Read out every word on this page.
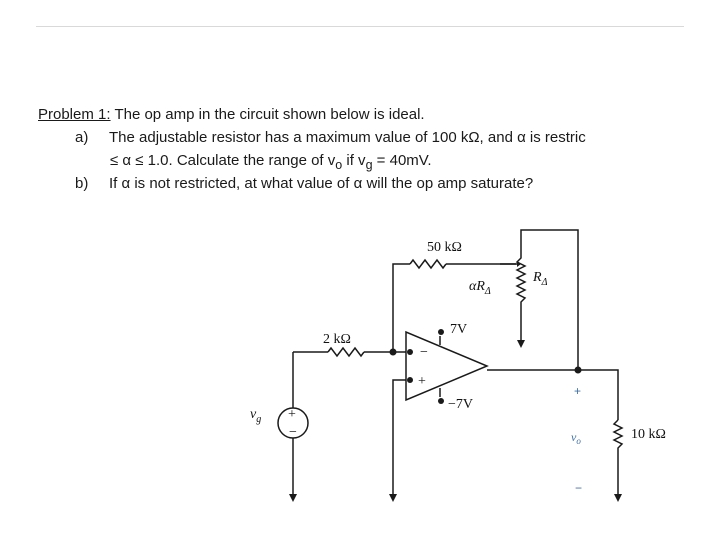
Problem 1: The op amp in the circuit shown below is ideal.
a) The adjustable resistor has a maximum value of 100 kΩ, and α is restric
≤ α ≤ 1.0. Calculate the range of $v_o$ if $v_g = 40mV$.
b) If α is not restricted, at what value of α will the op amp saturate?
50 kΩ
2 kΩ
10 kΩ
$\alpha R_\Delta$
$R_\Delta$
7V
−7V
−
+
+
−
$v_g$
+
$v_o$
−
